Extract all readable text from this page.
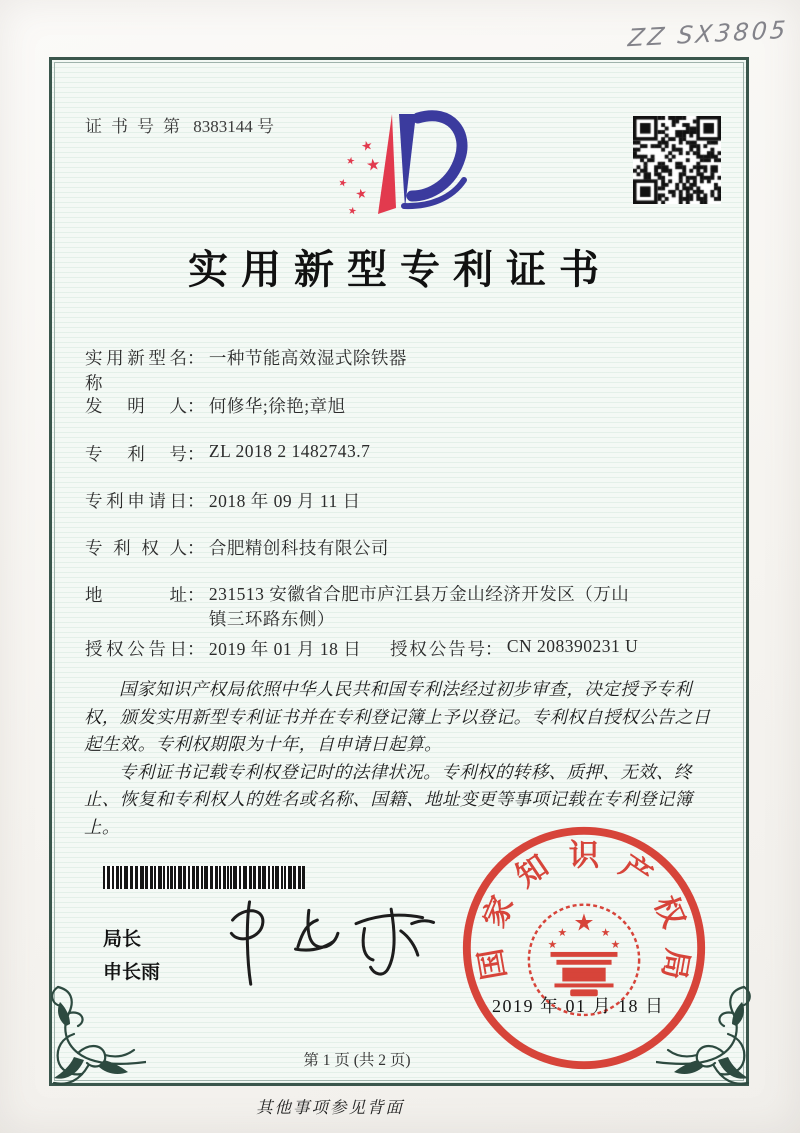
ZZ SX3805
证书号第 8383144 号
★
★ ★
★
★
★
实用新型专利证书
实用新型名称： 一种节能高效湿式除铁器
发明人： 何修华;徐艳;章旭
专利号： ZL 2018 2 1482743.7
专利申请日： 2018 年 09 月 11 日
专利权人： 合肥精创科技有限公司
地址： 231513 安徽省合肥市庐江县万金山经济开发区（万山镇三环路东侧）
授权公告日： 2019 年 01 月 18 日 授权公告号： CN 208390231 U

国家知识产权局依照中华人民共和国专利法经过初步审查，决定授予专利权，颁发实用新型专利证书并在专利登记簿上予以登记。专利权自授权公告之日起生效。专利权期限为十年，自申请日起算。

专利证书记载专利权登记时的法律状况。专利权的转移、质押、无效、终止、恢复和专利权人的姓名或名称、国籍、地址变更等事项记载在专利登记簿上。

局长
申长雨	国
家
知 识 产
权
局
★
★	★
★	★
2019 年 01 月 18 日
第 1 页 (共 2 页)
其他事项参见背面
